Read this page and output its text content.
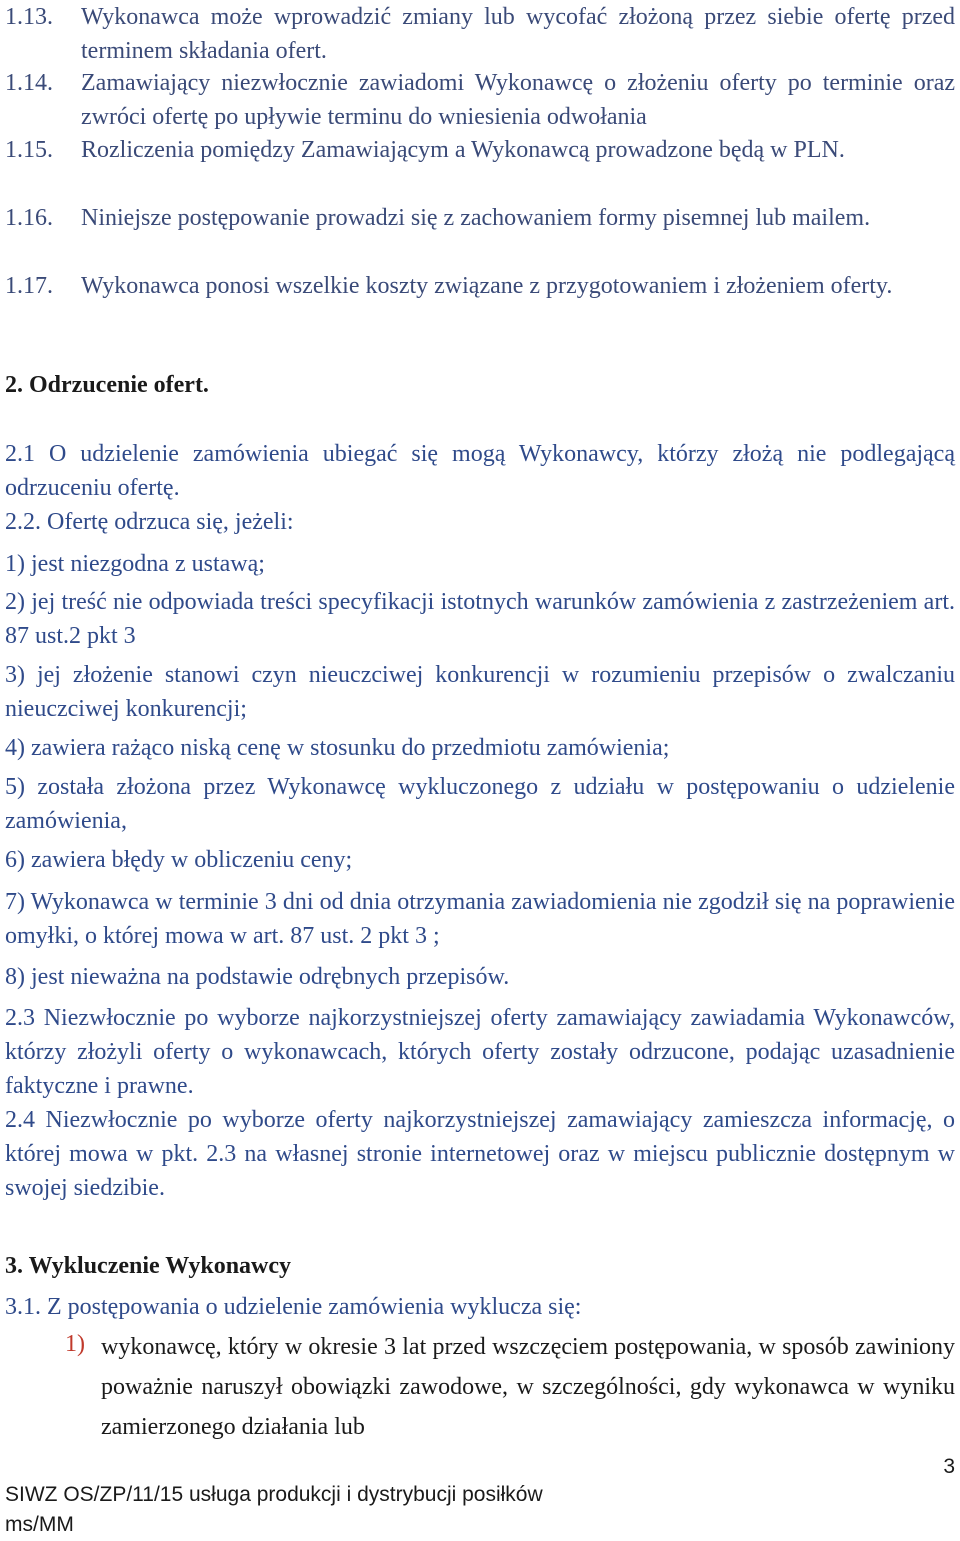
1.13. Wykonawca może wprowadzić zmiany lub wycofać złożoną przez siebie ofertę przed terminem składania ofert.
1.14. Zamawiający niezwłocznie zawiadomi Wykonawcę o złożeniu oferty po terminie oraz zwróci ofertę po upływie terminu do wniesienia odwołania
1.15. Rozliczenia pomiędzy Zamawiającym a Wykonawcą prowadzone będą w PLN.
1.16. Niniejsze postępowanie prowadzi się z zachowaniem formy pisemnej lub mailem.
1.17. Wykonawca ponosi wszelkie koszty związane z przygotowaniem i złożeniem oferty.
2. Odrzucenie ofert.
2.1 O udzielenie zamówienia ubiegać się mogą Wykonawcy, którzy złożą nie podlegającą odrzuceniu ofertę.
2.2. Ofertę odrzuca się, jeżeli:
1) jest niezgodna z ustawą;
2) jej treść nie odpowiada treści specyfikacji istotnych warunków zamówienia z zastrzeżeniem art. 87 ust.2 pkt 3
3) jej złożenie stanowi czyn nieuczciwej konkurencji w rozumieniu przepisów o zwalczaniu nieuczciwej konkurencji;
4) zawiera rażąco niską cenę w stosunku do przedmiotu zamówienia;
5) została złożona przez Wykonawcę wykluczonego z udziału w postępowaniu o udzielenie zamówienia,
6) zawiera błędy w obliczeniu ceny;
7) Wykonawca w terminie 3 dni od dnia otrzymania zawiadomienia nie zgodził się na poprawienie omyłki, o której mowa w art. 87 ust. 2 pkt 3 ;
8) jest nieważna na podstawie odrębnych przepisów.
2.3 Niezwłocznie po wyborze najkorzystniejszej oferty zamawiający zawiadamia Wykonawców, którzy złożyli oferty o wykonawcach, których oferty zostały odrzucone, podając uzasadnienie faktyczne i prawne.
2.4 Niezwłocznie po wyborze oferty najkorzystniejszej zamawiający zamieszcza informację, o której mowa w pkt. 2.3 na własnej stronie internetowej oraz w miejscu publicznie dostępnym w swojej siedzibie.
3. Wykluczenie Wykonawcy
3.1. Z postępowania o udzielenie zamówienia wyklucza się:
1) wykonawcę, który w okresie 3 lat przed wszczęciem postępowania, w sposób zawiniony poważnie naruszył obowiązki zawodowe, w szczególności, gdy wykonawca w wyniku zamierzonego działania lub
3
SIWZ OS/ZP/11/15 usługa produkcji i dystrybucji posiłków
ms/MM
